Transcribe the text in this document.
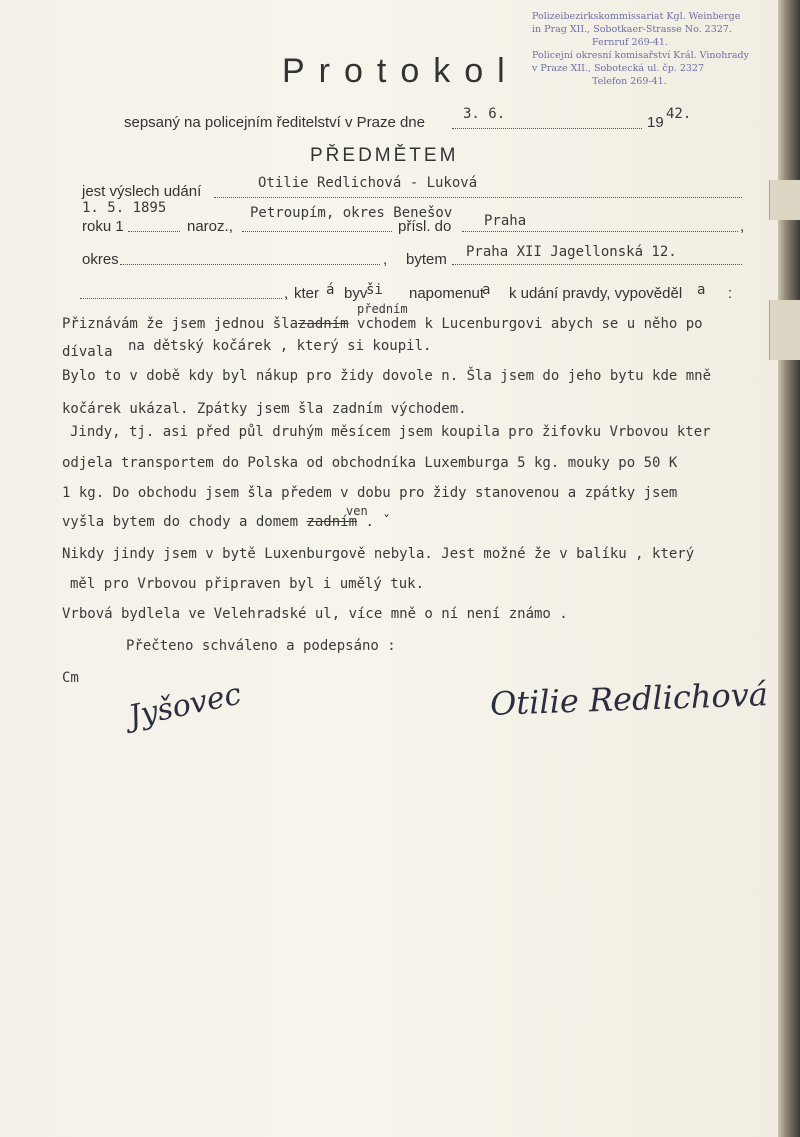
Polizeibezirkskommissariat Kgl. Weinberge
in Prag XII., Sobotkaer-Strasse No. 2327.
Fernruf 269-41.
Policejní okresní komisařství Král. Vinohrady
v Praze XII., Sobotecká ul. čp. 2327
Telefon 269-41.
Protokol
sepsaný na policejním ředitelství v Praze dne	3. 6.	19 42.
PŘEDMĚTEM
jest výslech udání	Otilie Redlichová - Luková
1. 5. 1895
roku 1	naroz.,
Petroupím, okres Benešov
přísl. do Praha	,
okres	, bytem Praha XII Jagellonská 12.
, kter á byv
ši napomenut
a k udání pravdy, vypověděl a :
předním
Přiznávám že jsem jednou šlazadním vchodem k Lucenburgovi abych se u něho po
dívala na dětský kočárek , který si koupil.
Bylo to v době kdy byl nákup pro židy dovole n. Šla jsem do jeho bytu kde mně
kočárek ukázal. Zpátky jsem šla zadním východem.
Jindy, tj. asi před půl druhým měsícem jsem koupila pro žifovku Vrbovou kter
odjela transportem do Polska od obchodníka Luxemburga 5 kg. mouky po 50 K
1 kg. Do obchodu jsem šla předem v dobu pro židy stanovenou a zpátky jsem
ven
vyšla bytem do chody a domem zadním . ˇ
Nikdy jindy jsem v bytě Luxenburgově nebyla. Jest možné že v balíku , který
měl pro Vrbovou připraven byl i umělý tuk.
Vrbová bydlela ve Velehradské ul, více mně o ní není známo .
Přečteno schváleno a podepsáno :
Cm Jyšovec	Otilie Redlichová
